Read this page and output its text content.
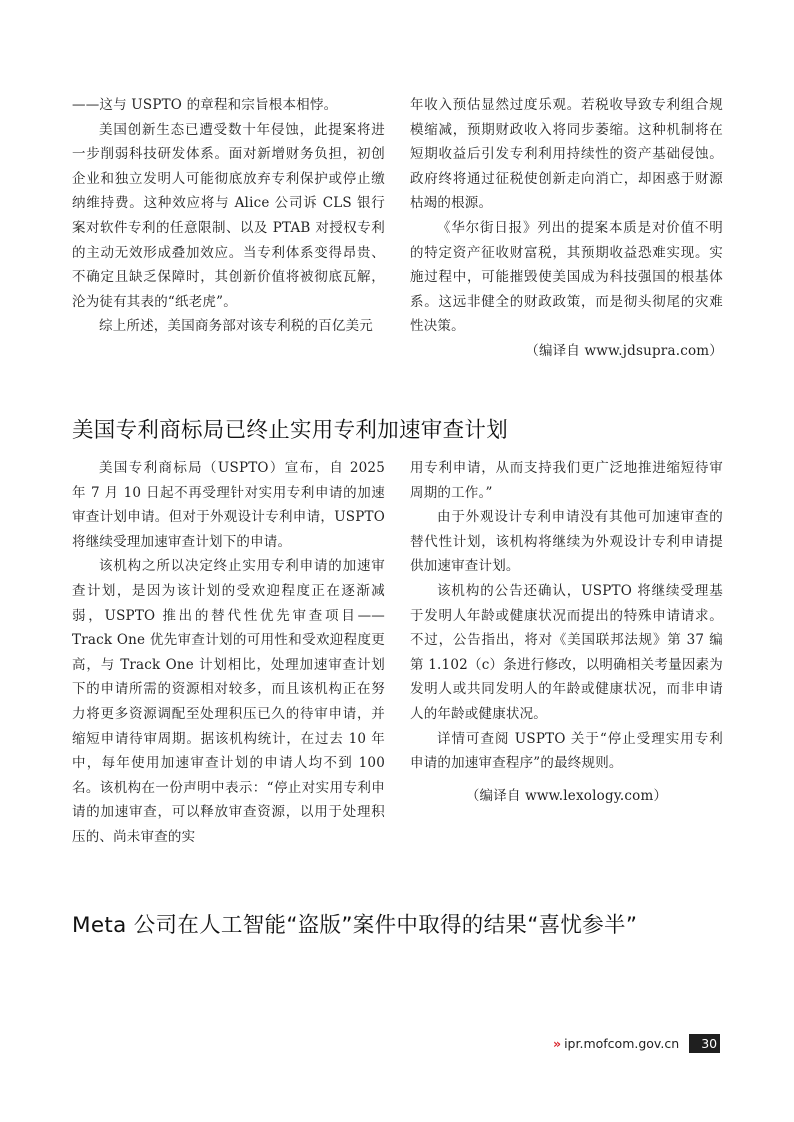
——这与 USPTO 的章程和宗旨根本相悖。

美国创新生态已遭受数十年侵蚀，此提案将进一步削弱科技研发体系。面对新增财务负担，初创企业和独立发明人可能彻底放弃专利保护或停止缴纳维持费。这种效应将与 Alice 公司诉 CLS 银行案对软件专利的任意限制、以及 PTAB 对授权专利的主动无效形成叠加效应。当专利体系变得昂贵、不确定且缺乏保障时，其创新价值将被彻底瓦解，沦为徒有其表的“纸老虎”。

综上所述，美国商务部对该专利税的百亿美元

年收入预估显然过度乐观。若税收导致专利组合规模缩减，预期财政收入将同步萎缩。这种机制将在短期收益后引发专利利用持续性的资产基础侵蚀。政府终将通过征税使创新走向消亡，却困惑于财源枯竭的根源。

《华尔街日报》列出的提案本质是对价值不明的特定资产征收财富税，其预期收益恐难实现。实施过程中，可能摧毁使美国成为科技强国的根基体系。这远非健全的财政政策，而是彻头彻尾的灾难性决策。

（编译自 www.jdsupra.com）

美国专利商标局已终止实用专利加速审查计划

美国专利商标局（USPTO）宣布，自 2025 年 7 月 10 日起不再受理针对实用专利申请的加速审查计划申请。但对于外观设计专利申请，USPTO 将继续受理加速审查计划下的申请。

该机构之所以决定终止实用专利申请的加速审查计划，是因为该计划的受欢迎程度正在逐渐减弱，USPTO 推出的替代性优先审查项目——Track One 优先审查计划的可用性和受欢迎程度更高，与 Track One 计划相比，处理加速审查计划下的申请所需的资源相对较多，而且该机构正在努力将更多资源调配至处理积压已久的待审申请，并缩短申请待审周期。据该机构统计，在过去 10 年中，每年使用加速审查计划的申请人均不到 100 名。该机构在一份声明中表示：“停止对实用专利申请的加速审查，可以释放审查资源，以用于处理积压的、尚未审查的实

用专利申请，从而支持我们更广泛地推进缩短待审周期的工作。”

由于外观设计专利申请没有其他可加速审查的替代性计划，该机构将继续为外观设计专利申请提供加速审查计划。

该机构的公告还确认，USPTO 将继续受理基于发明人年龄或健康状况而提出的特殊申请请求。不过，公告指出，将对《美国联邦法规》第 37 编第 1.102（c）条进行修改，以明确相关考量因素为发明人或共同发明人的年龄或健康状况，而非申请人的年龄或健康状况。

详情可查阅 USPTO 关于“停止受理实用专利申请的加速审查程序”的最终规则。

（编译自 www.lexology.com）

Meta 公司在人工智能“盗版”案件中取得的结果“喜忧参半”
» ipr.mofcom.gov.cn	30
